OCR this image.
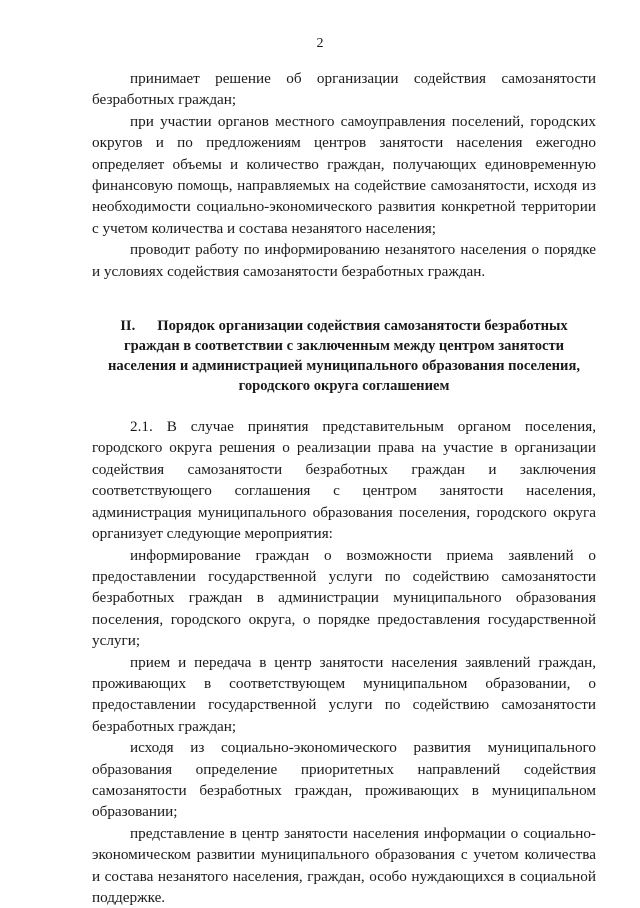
2

принимает решение об организации содействия самозанятости безработных граждан;

при участии органов местного самоуправления поселений, городских округов и по предложениям центров занятости населения ежегодно определяет объемы и количество граждан, получающих единовременную финансовую помощь, направляемых на содействие самозанятости, исходя из необходимости социально-экономического развития конкретной территории с учетом количества и состава незанятого населения;

проводит работу по информированию незанятого населения о порядке и условиях содействия самозанятости безработных граждан.

II. Порядок организации содействия самозанятости безработных граждан в соответствии с заключенным между центром занятости населения и администрацией муниципального образования поселения, городского округа соглашением

2.1. В случае принятия представительным органом поселения, городского округа решения о реализации права на участие в организации содействия самозанятости безработных граждан и заключения соответствующего соглашения с центром занятости населения, администрация муниципального образования поселения, городского округа организует следующие мероприятия:

информирование граждан о возможности приема заявлений о предоставлении государственной услуги по содействию самозанятости безработных граждан в администрации муниципального образования поселения, городского округа, о порядке предоставления государственной услуги;

прием и передача в центр занятости населения заявлений граждан, проживающих в соответствующем муниципальном образовании, о предоставлении государственной услуги по содействию самозанятости безработных граждан;

исходя из социально-экономического развития муниципального образования определение приоритетных направлений содействия самозанятости безработных граждан, проживающих в муниципальном образовании;

представление в центр занятости населения информации о социально-экономическом развитии муниципального образования с учетом количества и состава незанятого населения, граждан, особо нуждающихся в социальной поддержке.
